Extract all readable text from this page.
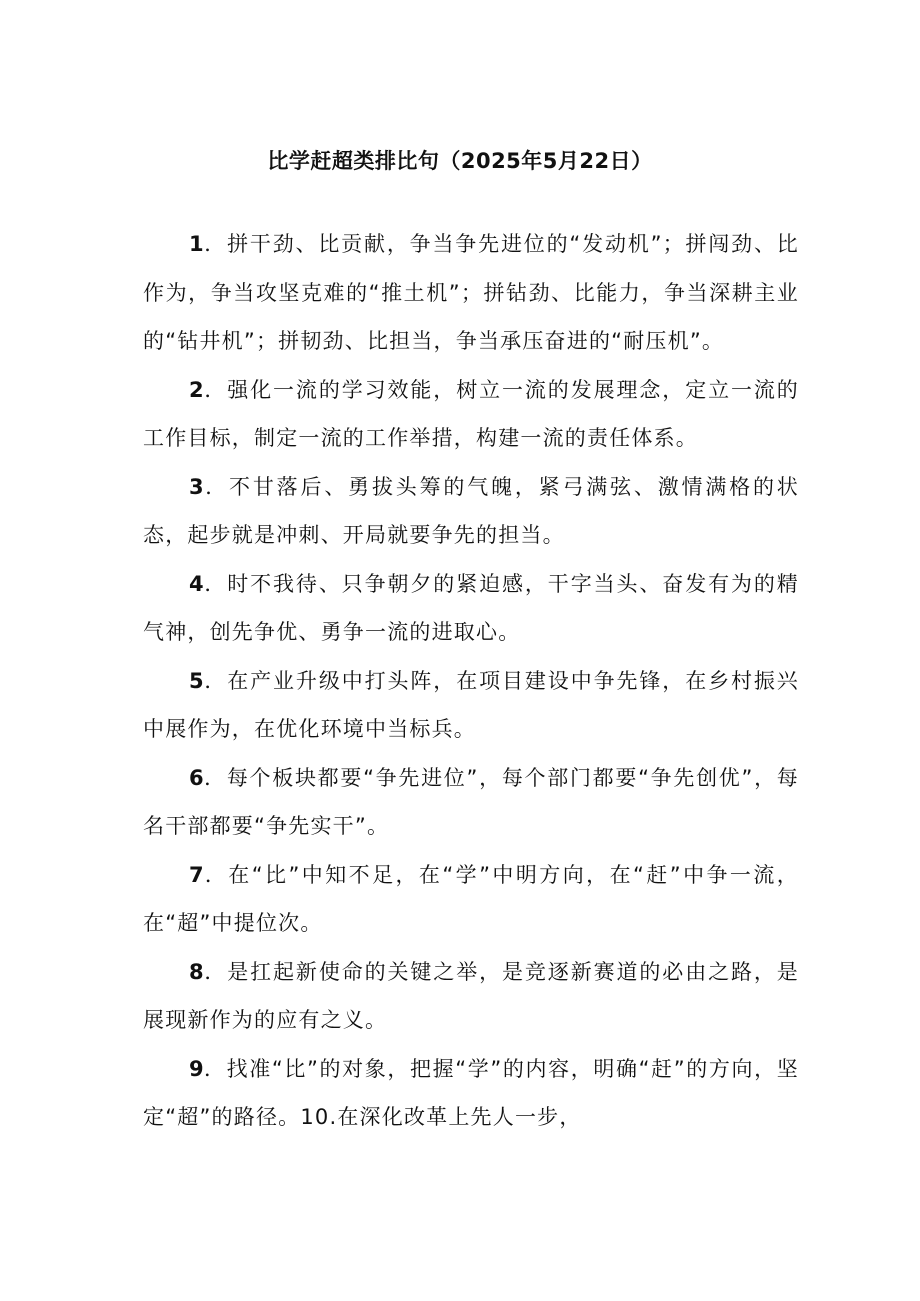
比学赶超类排比句（2025年5月22日）

1．拼干劲、比贡献，争当争先进位的“发动机”；拼闯劲、比作为，争当攻坚克难的“推土机”；拼钻劲、比能力，争当深耕主业的“钻井机”；拼韧劲、比担当，争当承压奋进的“耐压机”。

2．强化一流的学习效能，树立一流的发展理念，定立一流的工作目标，制定一流的工作举措，构建一流的责任体系。

3．不甘落后、勇拔头筹的气魄，紧弓满弦、激情满格的状态，起步就是冲刺、开局就要争先的担当。

4．时不我待、只争朝夕的紧迫感，干字当头、奋发有为的精气神，创先争优、勇争一流的进取心。

5．在产业升级中打头阵，在项目建设中争先锋，在乡村振兴中展作为，在优化环境中当标兵。

6．每个板块都要“争先进位”，每个部门都要“争先创优”，每名干部都要“争先实干”。

7．在“比”中知不足，在“学”中明方向，在“赶”中争一流，在“超”中提位次。

8．是扛起新使命的关键之举，是竞逐新赛道的必由之路，是展现新作为的应有之义。

9．找准“比”的对象，把握“学”的内容，明确“赶”的方向，坚定“超”的路径。10.在深化改革上先人一步，
